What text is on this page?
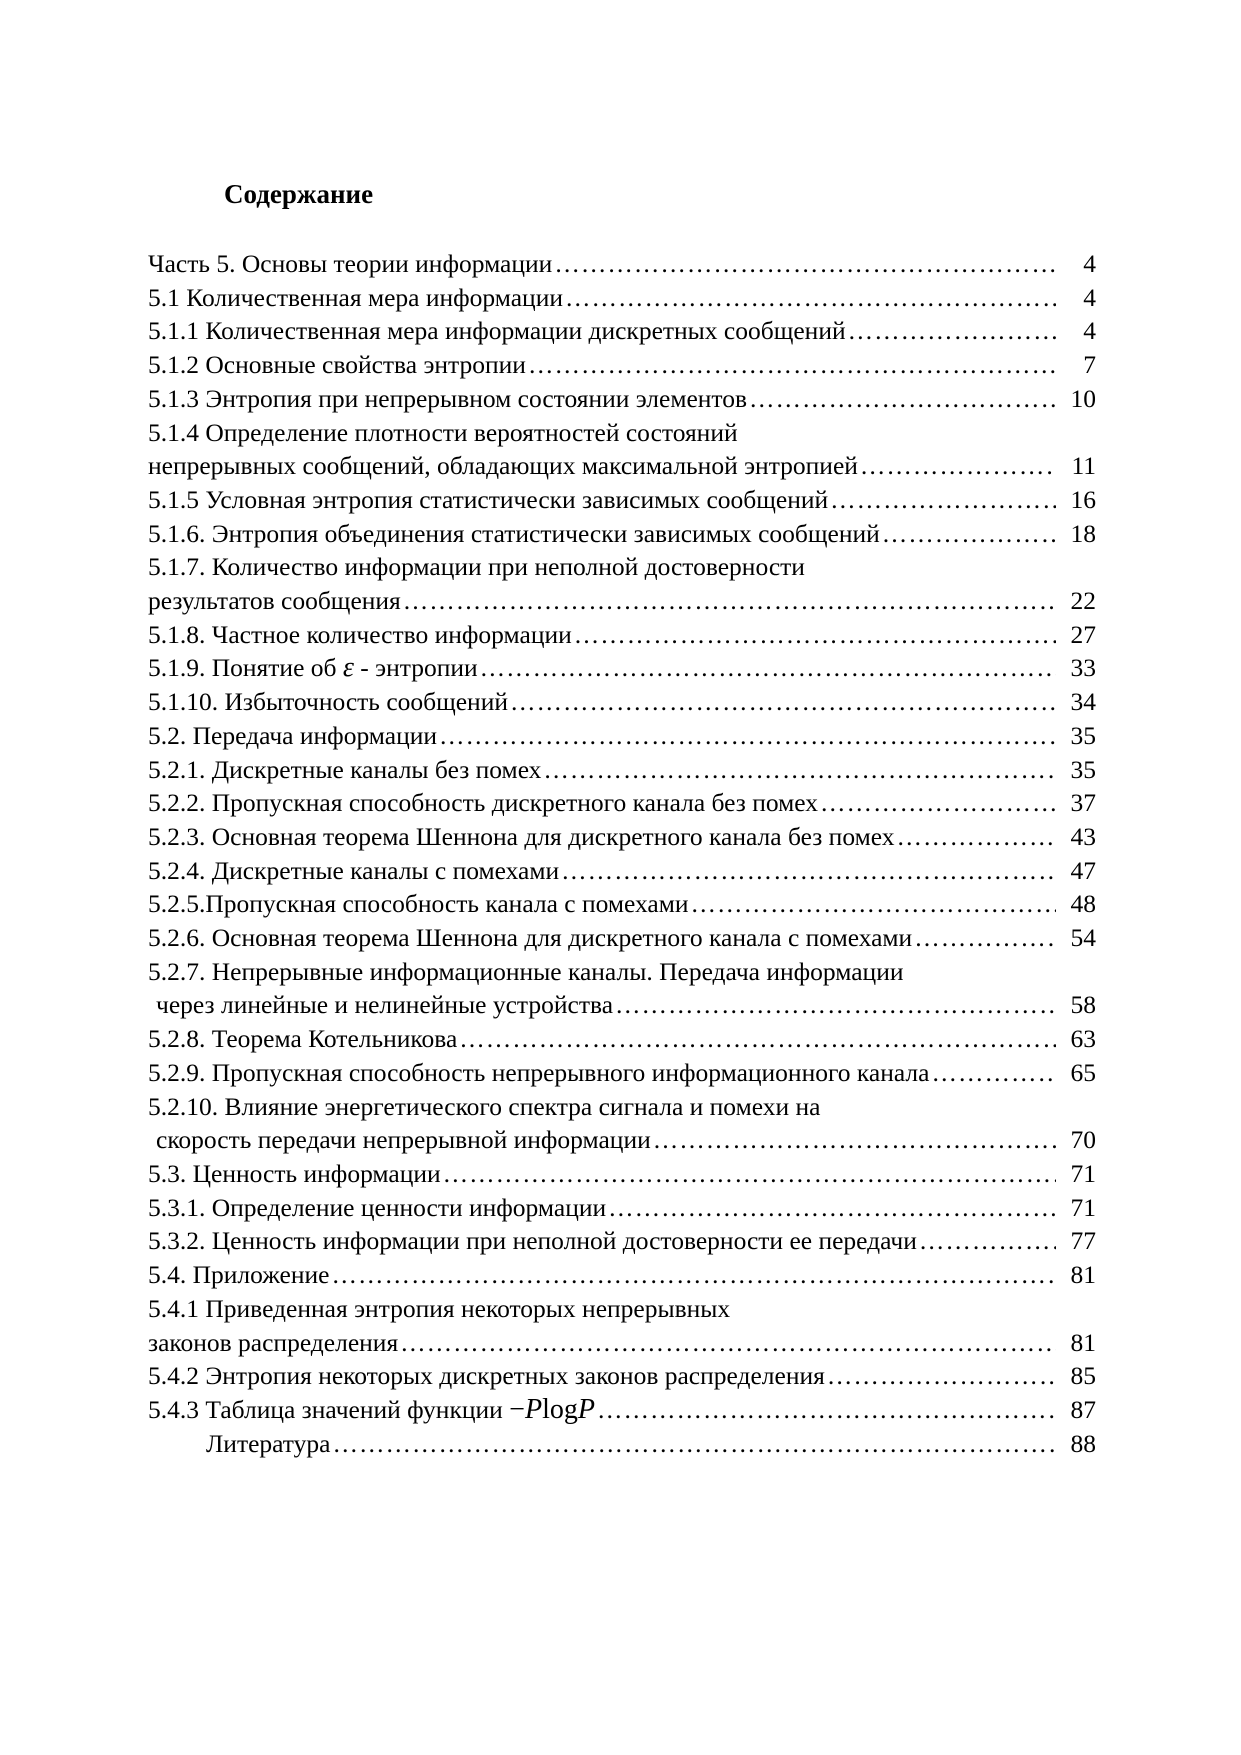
Содержание
Часть 5. Основы теории информации ………………………………………………………………………………………………………………………………………………	4
5.1 Количественная мера информации ………………………………………………………………………………………………………………………………………………	4
5.1.1 Количественная мера информации дискретных сообщений ………………………………………………………………………………………………………………………………………………	4
5.1.2 Основные свойства энтропии ………………………………………………………………………………………………………………………………………………	7
5.1.3 Энтропия при непрерывном состоянии элементов ………………………………………………………………………………………………………………………………………………	10
5.1.4 Определение плотности вероятностей состояний
непрерывных сообщений, обладающих максимальной энтропией ………………………………………………………………………………………………………………………………………………	11
5.1.5 Условная энтропия статистически зависимых сообщений ………………………………………………………………………………………………………………………………………………	16
5.1.6. Энтропия объединения статистически зависимых сообщений ………………………………………………………………………………………………………………………………………………	18
5.1.7. Количество информации при неполной достоверности
результатов сообщения ………………………………………………………………………………………………………………………………………………	22
5.1.8. Частное количество информации ………………………………………………………………………………………………………………………………………………	27
5.1.9. Понятие об ε - энтропии ………………………………………………………………………………………………………………………………………………	33
5.1.10. Избыточность сообщений ………………………………………………………………………………………………………………………………………………	34
5.2. Передача информации ………………………………………………………………………………………………………………………………………………	35
5.2.1. Дискретные каналы без помех ………………………………………………………………………………………………………………………………………………	35
5.2.2. Пропускная способность дискретного канала без помех ………………………………………………………………………………………………………………………………………………	37
5.2.3. Основная теорема Шеннона для дискретного канала без помех ………………………………………………………………………………………………………………………………………………	43
5.2.4. Дискретные каналы с помехами ………………………………………………………………………………………………………………………………………………	47
5.2.5.Пропускная способность канала с помехами ………………………………………………………………………………………………………………………………………………	48
5.2.6. Основная теорема Шеннона для дискретного канала с помехами ………………………………………………………………………………………………………………………………………………	54
5.2.7. Непрерывные информационные каналы. Передача информации
через линейные и нелинейные устройства ………………………………………………………………………………………………………………………………………………	58
5.2.8. Теорема Котельникова ………………………………………………………………………………………………………………………………………………	63
5.2.9. Пропускная способность непрерывного информационного канала ………………………………………………………………………………………………………………………………………………	65
5.2.10. Влияние энергетического спектра сигнала и помехи на
скорость передачи непрерывной информации ………………………………………………………………………………………………………………………………………………	70
5.3. Ценность информации ………………………………………………………………………………………………………………………………………………	71
5.3.1. Определение ценности информации ………………………………………………………………………………………………………………………………………………	71
5.3.2. Ценность информации при неполной достоверности ее передачи ………………………………………………………………………………………………………………………………………………	77
5.4. Приложение ………………………………………………………………………………………………………………………………………………	81
5.4.1 Приведенная энтропия некоторых непрерывных
законов распределения ………………………………………………………………………………………………………………………………………………	81
5.4.2 Энтропия некоторых дискретных законов распределения ………………………………………………………………………………………………………………………………………………	85
5.4.3 Таблица значений функции −PlogP ………………………………………………………………………………………………………………………………………………	87
Литература ………………………………………………………………………………………………………………………………………………	88
